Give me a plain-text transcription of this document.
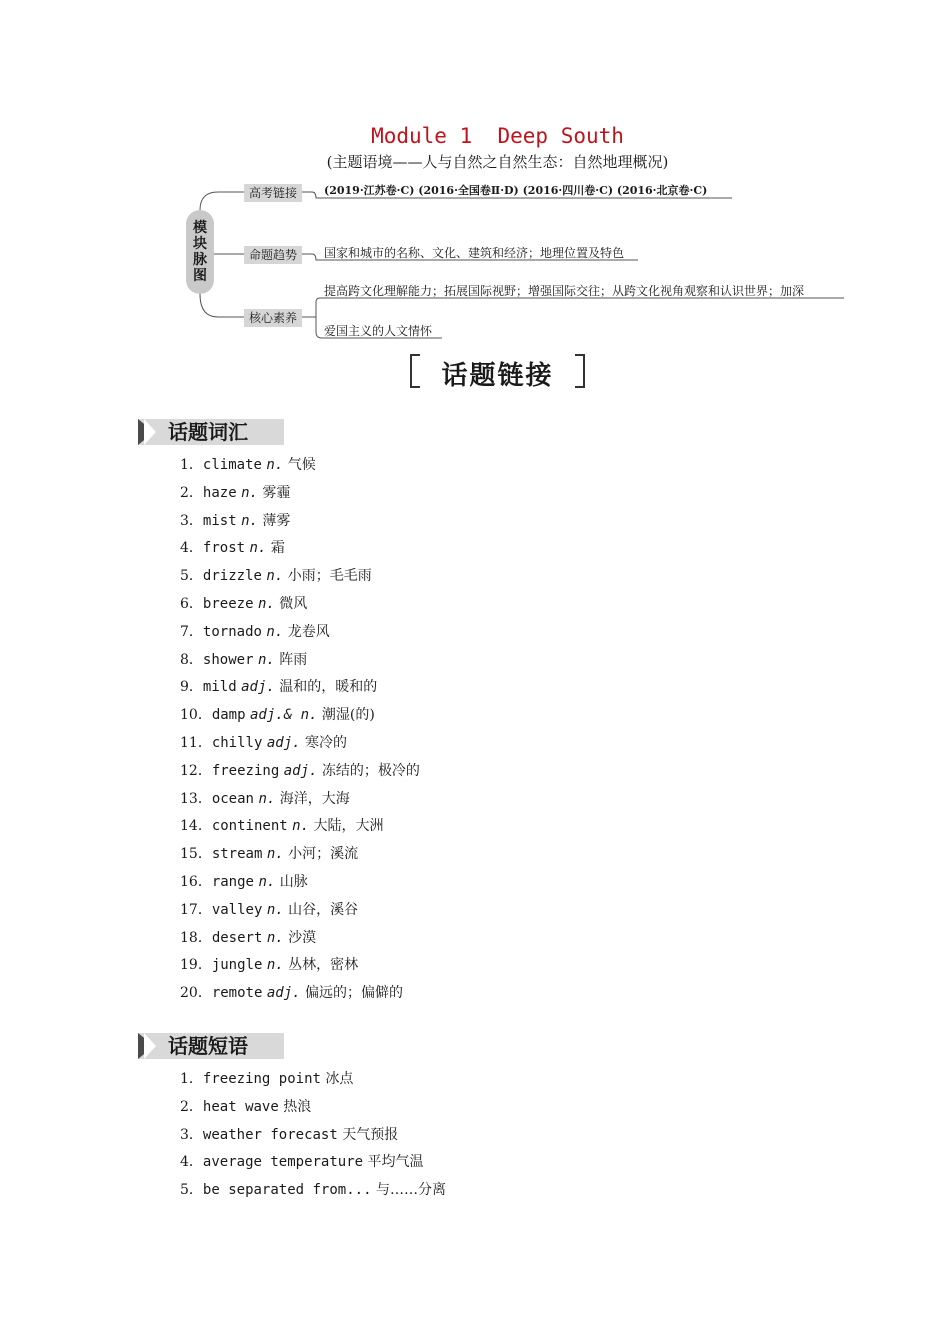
Module 1  Deep South
(主题语境——人与自然之自然生态：自然地理概况)
模块脉图
高考链接	(2019·江苏卷·C) (2016·全国卷Ⅱ·D) (2016·四川卷·C) (2016·北京卷·C)
命题趋势	国家和城市的名称、文化、建筑和经济；地理位置及特色
核心素养
提高跨文化理解能力；拓展国际视野；增强国际交往；从跨文化视角观察和认识世界；加深
爱国主义的人文情怀
话题链接
话题词汇
1．climate n. 气候
2．haze n. 雾霾
3．mist n. 薄雾
4．frost n. 霜
5．drizzle n. 小雨；毛毛雨
6．breeze n. 微风
7．tornado n. 龙卷风
8．shower n. 阵雨
9．mild adj. 温和的，暖和的
10．damp adj.& n. 潮湿(的)
11．chilly adj. 寒冷的
12．freezing adj. 冻结的；极冷的
13．ocean n. 海洋，大海
14．continent n. 大陆，大洲
15．stream n. 小河；溪流
16．range n. 山脉
17．valley n. 山谷，溪谷
18．desert n. 沙漠
19．jungle n. 丛林，密林
20．remote adj. 偏远的；偏僻的
话题短语
1．freezing point 冰点
2．heat wave 热浪
3．weather forecast 天气预报
4．average temperature 平均气温
5．be separated from... 与……分离
